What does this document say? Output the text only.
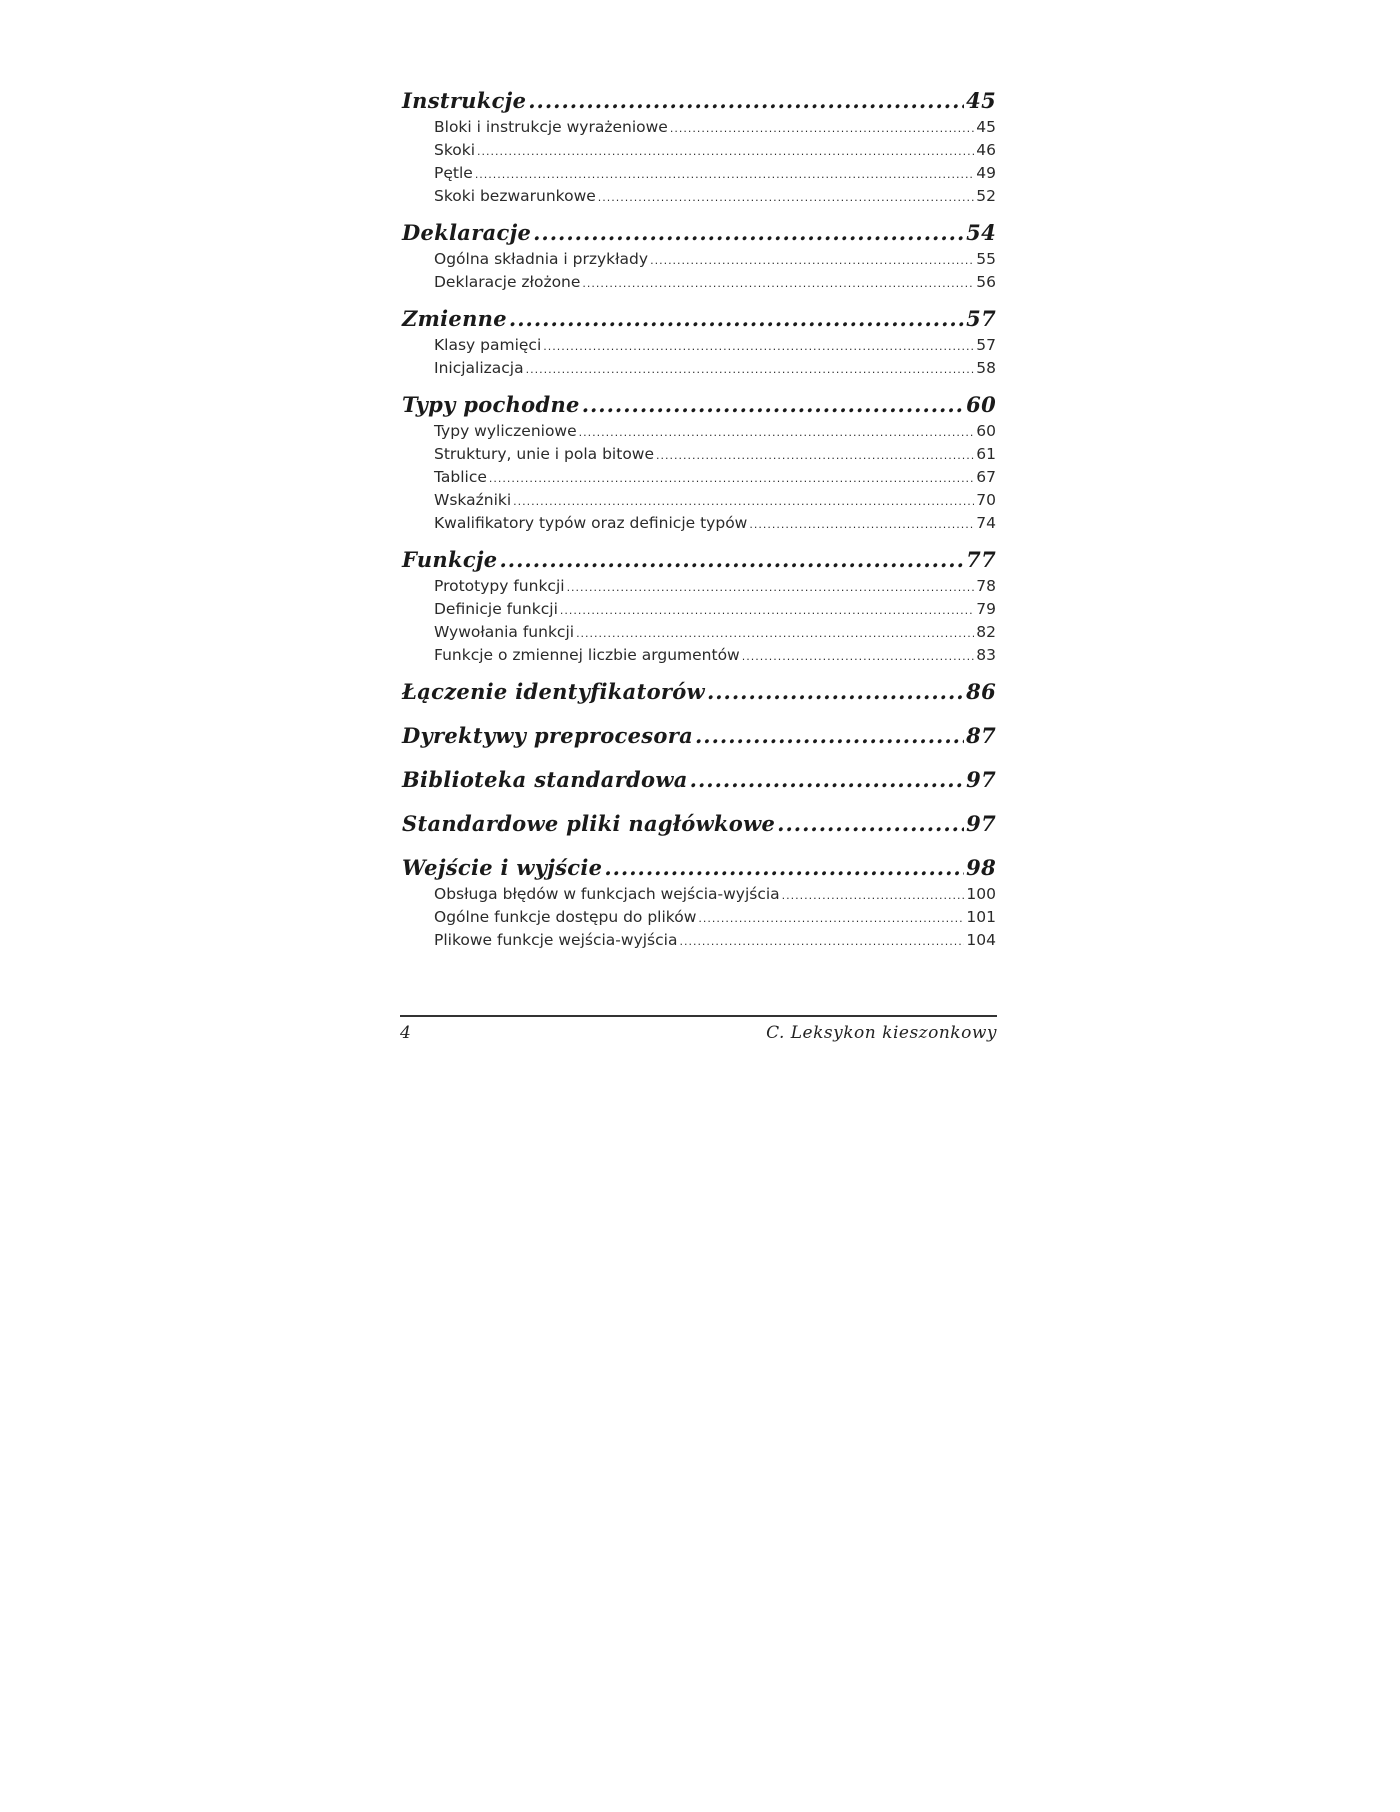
Instrukcje .....	45
Bloki i instrukcje wyrażeniowe .....	45
Skoki .....	46
Pętle .....	49
Skoki bezwarunkowe .....	52
Deklaracje .....	54
Ogólna składnia i przykłady .....	55
Deklaracje złożone .....	56
Zmienne .....	57
Klasy pamięci .....	57
Inicjalizacja .....	58
Typy pochodne .....	60
Typy wyliczeniowe .....	60
Struktury, unie i pola bitowe .....	61
Tablice .....	67
Wskaźniki .....	70
Kwalifikatory typów oraz definicje typów .....	74
Funkcje .....	77
Prototypy funkcji .....	78
Definicje funkcji .....	79
Wywołania funkcji .....	82
Funkcje o zmiennej liczbie argumentów .....	83
Łączenie identyfikatorów .....	86
Dyrektywy preprocesora .....	87
Biblioteka standardowa .....	97
Standardowe pliki nagłówkowe .....	97
Wejście i wyjście .....	98
Obsługa błędów w funkcjach wejścia-wyjścia .....	100
Ogólne funkcje dostępu do plików .....	101
Plikowe funkcje wejścia-wyjścia .....	104
4	C. Leksykon kieszonkowy
